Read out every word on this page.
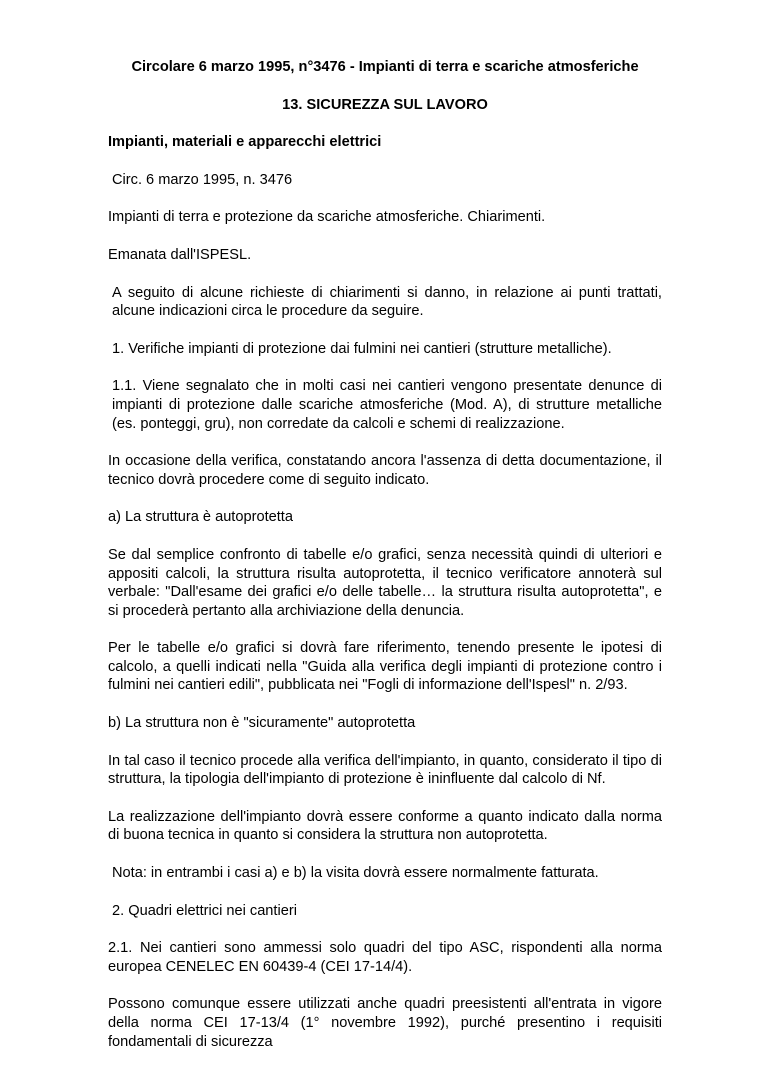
Circolare 6 marzo 1995, n°3476 - Impianti di terra e scariche atmosferiche
13. SICUREZZA SUL LAVORO
Impianti, materiali e apparecchi elettrici

Circ. 6 marzo 1995, n. 3476

Impianti di terra e protezione da scariche atmosferiche. Chiarimenti.

Emanata dall'ISPESL.

A seguito di alcune richieste di chiarimenti si danno, in relazione ai punti trattati, alcune indicazioni circa le procedure da seguire.

1. Verifiche impianti di protezione dai fulmini nei cantieri (strutture metalliche).

1.1. Viene segnalato che in molti casi nei cantieri vengono presentate denunce di impianti di protezione dalle scariche atmosferiche (Mod. A), di strutture metalliche (es. ponteggi, gru), non corredate da calcoli e schemi di realizzazione.

In occasione della verifica, constatando ancora l'assenza di detta documentazione, il tecnico dovrà procedere come di seguito indicato.

a) La struttura è autoprotetta

Se dal semplice confronto di tabelle e/o grafici, senza necessità quindi di ulteriori e appositi calcoli, la struttura risulta autoprotetta, il tecnico verificatore annoterà sul verbale: "Dall'esame dei grafici e/o delle tabelle… la struttura risulta autoprotetta", e si procederà pertanto alla archiviazione della denuncia.

Per le tabelle e/o grafici si dovrà fare riferimento, tenendo presente le ipotesi di calcolo, a quelli indicati nella "Guida alla verifica degli impianti di protezione contro i fulmini nei cantieri edili", pubblicata nei "Fogli di informazione dell'Ispesl" n. 2/93.

b) La struttura non è "sicuramente" autoprotetta

In tal caso il tecnico procede alla verifica dell'impianto, in quanto, considerato il tipo di struttura, la tipologia dell'impianto di protezione è ininfluente dal calcolo di Nf.

La realizzazione dell'impianto dovrà essere conforme a quanto indicato dalla norma di buona tecnica in quanto si considera la struttura non autoprotetta.

Nota: in entrambi i casi a) e b) la visita dovrà essere normalmente fatturata.

2. Quadri elettrici nei cantieri

2.1. Nei cantieri sono ammessi solo quadri del tipo ASC, rispondenti alla norma europea CENELEC EN 60439-4 (CEI 17-14/4).

Possono comunque essere utilizzati anche quadri preesistenti all'entrata in vigore della norma CEI 17-13/4 (1° novembre 1992), purché presentino i requisiti fondamentali di sicurezza
